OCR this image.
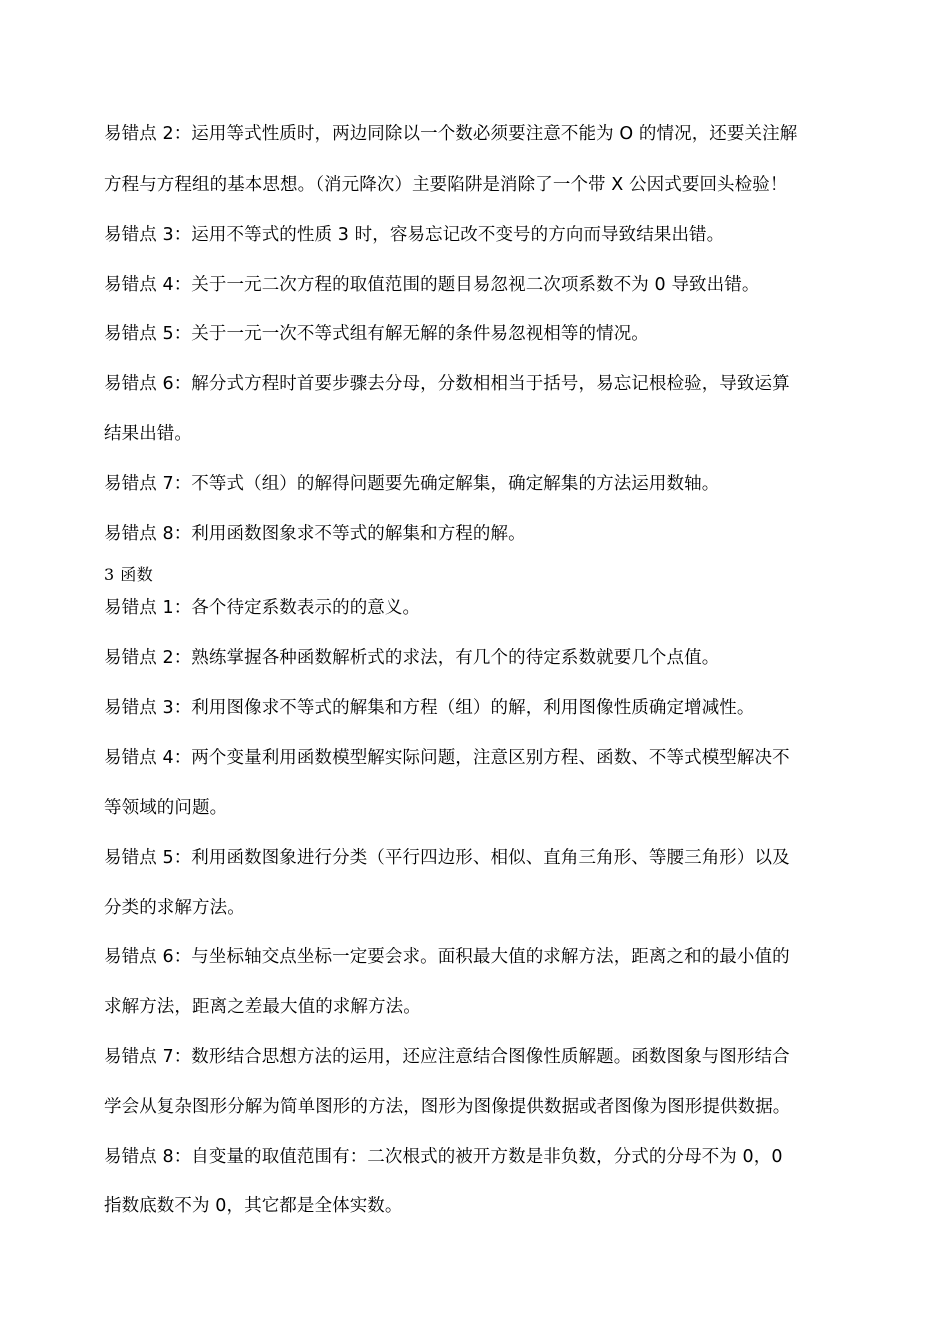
易错点 2：运用等式性质时，两边同除以一个数必须要注意不能为 O 的情况，还要关注解
方程与方程组的基本思想。（消元降次）主要陷阱是消除了一个带 X 公因式要回头检验！
易错点 3：运用不等式的性质 3 时，容易忘记改不变号的方向而导致结果出错。
易错点 4：关于一元二次方程的取值范围的题目易忽视二次项系数不为 0 导致出错。
易错点 5：关于一元一次不等式组有解无解的条件易忽视相等的情况。
易错点 6：解分式方程时首要步骤去分母，分数相相当于括号，易忘记根检验，导致运算
结果出错。
易错点 7：不等式（组）的解得问题要先确定解集，确定解集的方法运用数轴。
易错点 8：利用函数图象求不等式的解集和方程的解。
3 函数
易错点 1：各个待定系数表示的的意义。
易错点 2：熟练掌握各种函数解析式的求法，有几个的待定系数就要几个点值。
易错点 3：利用图像求不等式的解集和方程（组）的解，利用图像性质确定增减性。
易错点 4：两个变量利用函数模型解实际问题，注意区别方程、函数、不等式模型解决不
等领域的问题。
易错点 5：利用函数图象进行分类（平行四边形、相似、直角三角形、等腰三角形）以及
分类的求解方法。
易错点 6：与坐标轴交点坐标一定要会求。面积最大值的求解方法，距离之和的最小值的
求解方法，距离之差最大值的求解方法。
易错点 7：数形结合思想方法的运用，还应注意结合图像性质解题。函数图象与图形结合
学会从复杂图形分解为简单图形的方法，图形为图像提供数据或者图像为图形提供数据。
易错点 8：自变量的取值范围有：二次根式的被开方数是非负数，分式的分母不为 0，0
指数底数不为 0，其它都是全体实数。
